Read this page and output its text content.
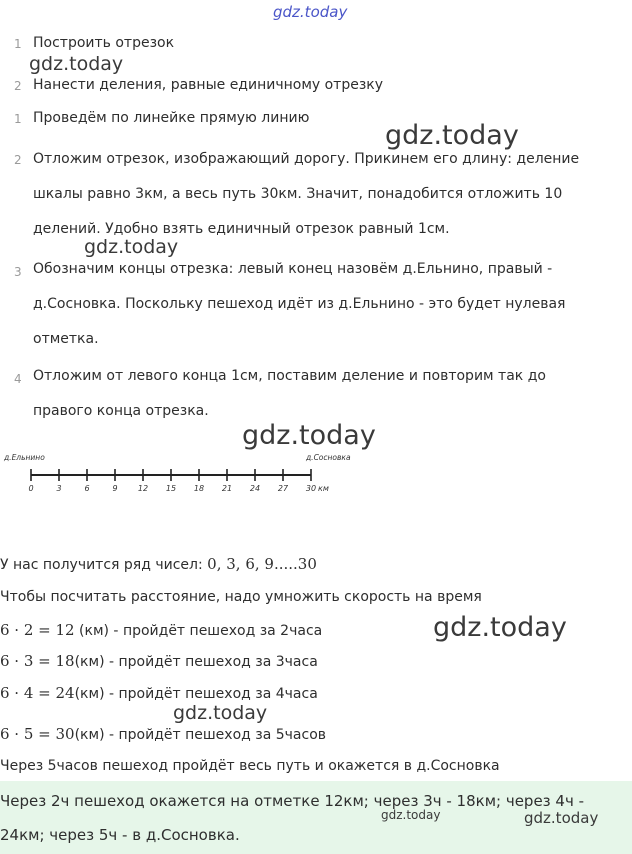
gdz.today
gdz.today
gdz.today
gdz.today
gdz.today
gdz.today
gdz.today
1 Построить отрезок
2 Нанести деления, равные единичному отрезку
1 Проведём по линейке прямую линию
2 Отложим отрезок, изображающий дорогу. Прикинем его длину: деление шкалы равно 3км, а весь путь 30км. Значит, понадобится отложить 10 делений. Удобно взять единичный отрезок равный 1см.
3 Обозначим концы отрезка: левый конец назовём д.Ельнино, правый - д.Сосновка. Поскольку пешеход идёт из д.Ельнино - это будет нулевая отметка.
4 Отложим от левого конца 1см, поставим деление и повторим так до правого конца отрезка.
д.Ельнино	д.Сосновка
0	3	6	9	12 15 18 21 24 27 30 км
У нас получится ряд чисел: 0, 3, 6, 9.....30
Чтобы посчитать расстояние, надо умножить скорость на время
6 · 2 = 12 (км) - пройдёт пешеход за 2часа
6 · 3 = 18(км) - пройдёт пешеход за 3часа
6 · 4 = 24(км) - пройдёт пешеход за 4часа
6 · 5 = 30(км) - пройдёт пешеход за 5часов
Через 5часов пешеход пройдёт весь путь и окажется в д.Сосновка
Через 2ч пешеход окажется на отметке 12км; через 3ч - 18км; через 4ч -
24км; через 5ч - в д.Сосновка.
gdz.today	gdz.today
